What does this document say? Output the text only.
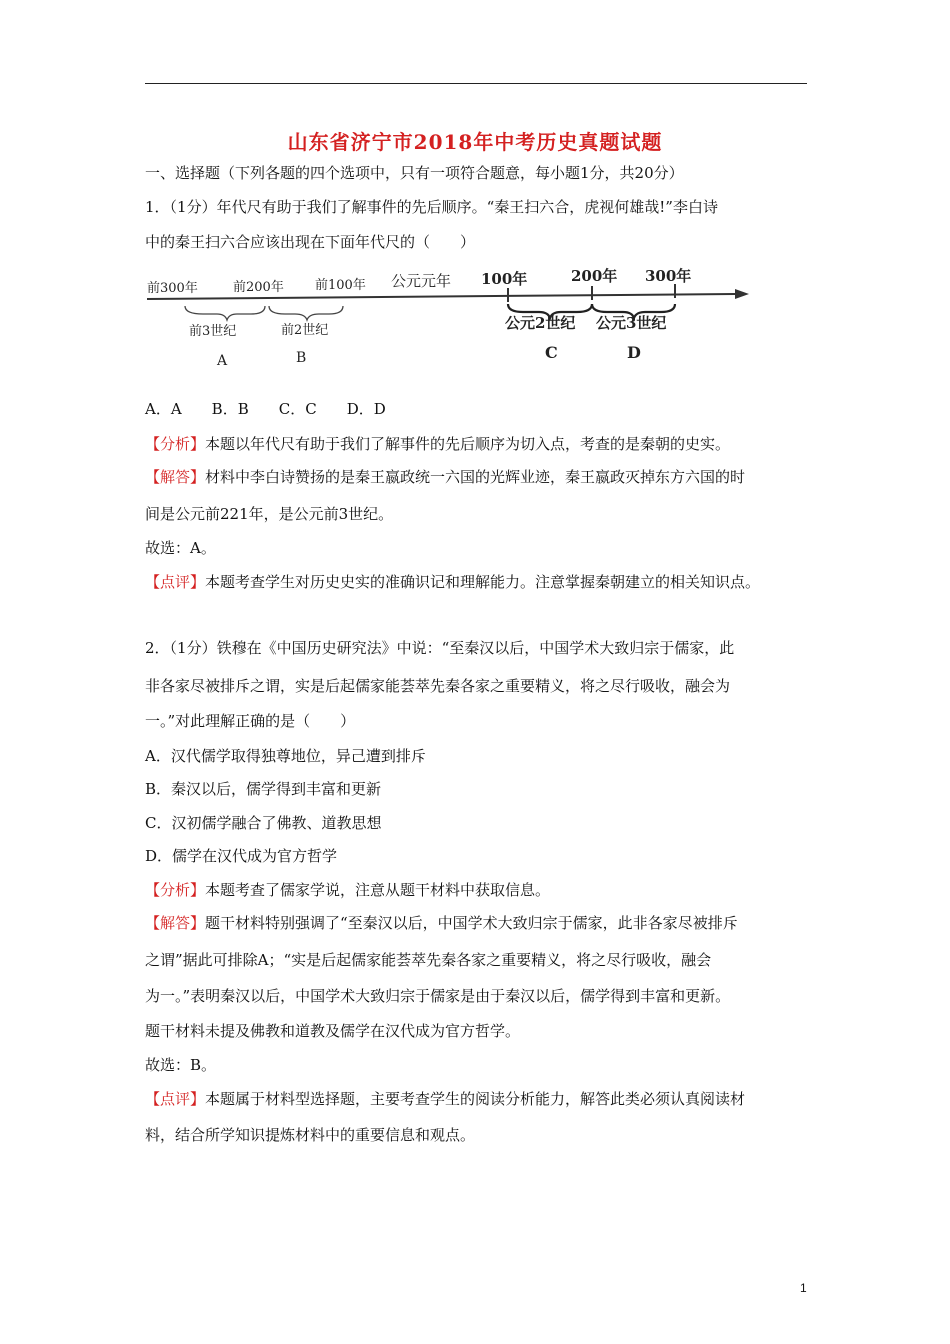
山东省济宁市2018年中考历史真题试题
一、选择题（下列各题的四个选项中，只有一项符合题意，每小题1分，共20分）
1．（1分）年代尺有助于我们了解事件的先后顺序。“秦王扫六合，虎视何雄哉!”李白诗
中的秦王扫六合应该出现在下面年代尺的（　　）
前300年	前200年 前100年 公元元年 100年	200年 300年
前3世纪	前2世纪	公元2世纪 公元3世纪
A	B	C	D
A．A B．B C．C D．D
【分析】本题以年代尺有助于我们了解事件的先后顺序为切入点，考查的是秦朝的史实。
【解答】材料中李白诗赞扬的是秦王嬴政统一六国的光辉业迹，秦王嬴政灭掉东方六国的时
间是公元前221年，是公元前3世纪。
故选：A。
【点评】本题考查学生对历史史实的准确识记和理解能力。注意掌握秦朝建立的相关知识点。
2．（1分）铁穆在《中国历史研究法》中说：“至秦汉以后，中国学术大致归宗于儒家，此
非各家尽被排斥之谓，实是后起儒家能荟萃先秦各家之重要精义，将之尽行吸收，融会为
一。”对此理解正确的是（　　）
A．汉代儒学取得独尊地位，异己遭到排斥
B．秦汉以后，儒学得到丰富和更新
C．汉初儒学融合了佛教、道教思想
D．儒学在汉代成为官方哲学
【分析】本题考查了儒家学说，注意从题干材料中获取信息。
【解答】题干材料特别强调了“至秦汉以后，中国学术大致归宗于儒家，此非各家尽被排斥
之谓”据此可排除A；“实是后起儒家能荟萃先秦各家之重要精义，将之尽行吸收，融会
为一。”表明秦汉以后，中国学术大致归宗于儒家是由于秦汉以后，儒学得到丰富和更新。
题干材料未提及佛教和道教及儒学在汉代成为官方哲学。
故选：B。
【点评】本题属于材料型选择题，主要考查学生的阅读分析能力，解答此类必须认真阅读材
料，结合所学知识提炼材料中的重要信息和观点。
1
